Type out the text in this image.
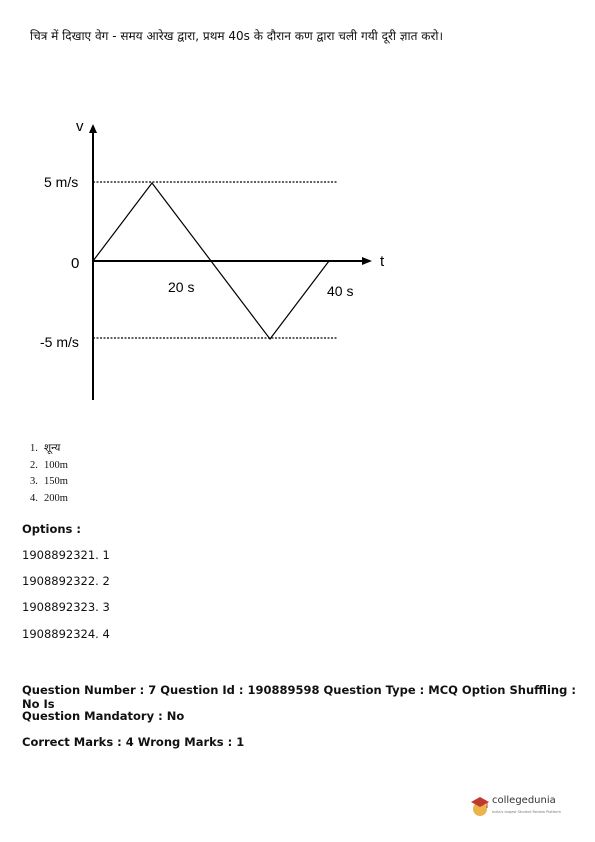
चित्र में दिखाए वेग - समय आरेख द्वारा, प्रथम 40s के दौरान कण द्वारा चली गयी दूरी ज्ञात करो।
v
t
0
5 m/s
-5 m/s
20 s	40 s
1. शून्य
2. 100m
3. 150m
4. 200m
Options :
1908892321. 1
1908892322. 2
1908892323. 3
1908892324. 4
Question Number : 7 Question Id : 190889598 Question Type : MCQ Option Shuffling : No Is
Question Mandatory : No
Correct Marks : 4 Wrong Marks : 1
collegedunia
India's largest Student Review Platform
